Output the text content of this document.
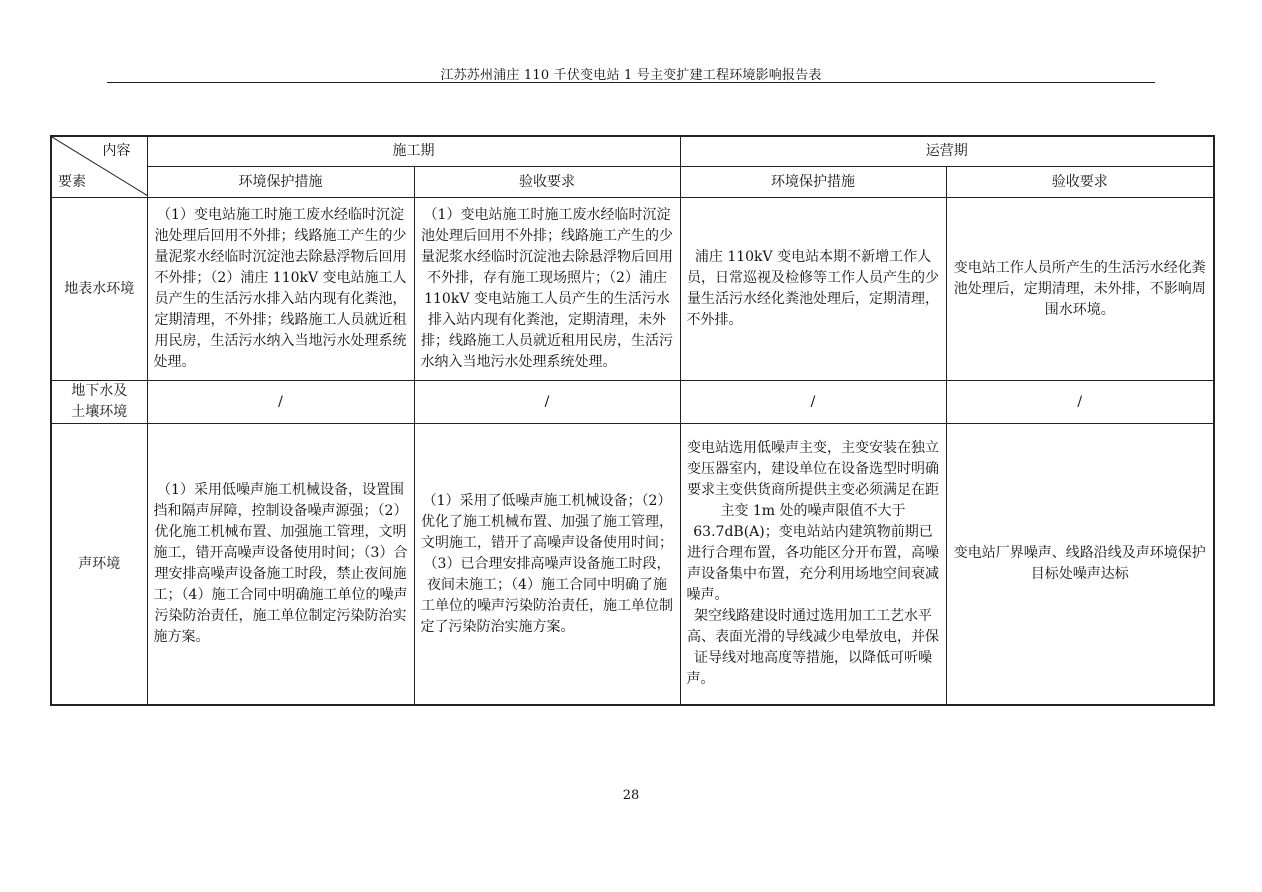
江苏苏州浦庄 110 千伏变电站 1 号主变扩建工程环境影响报告表
内容
要素	施工期		运营期	
	环境保护措施	验收要求	环境保护措施	验收要求
地表水环境	（1）变电站施工时施工废水经临时沉淀池处理后回用不外排；线路施工产生的少量泥浆水经临时沉淀池去除悬浮物后回用不外排；（2）浦庄 110kV 变电站施工人员产生的生活污水排入站内现有化粪池，定期清理，不外排；线路施工人员就近租用民房，生活污水纳入当地污水处理系统处理。	（1）变电站施工时施工废水经临时沉淀池处理后回用不外排；线路施工产生的少量泥浆水经临时沉淀池去除悬浮物后回用不外排，存有施工现场照片；（2）浦庄 110kV 变电站施工人员产生的生活污水排入站内现有化粪池，定期清理，未外排；线路施工人员就近租用民房，生活污水纳入当地污水处理系统处理。	浦庄 110kV 变电站本期不新增工作人员，日常巡视及检修等工作人员产生的少量生活污水经化粪池处理后，定期清理，不外排。	变电站工作人员所产生的生活污水经化粪池处理后，定期清理，未外排，不影响周围水环境。

地下水及
土壤环境	/	/	/	/
声环境	（1）采用低噪声施工机械设备，设置围挡和隔声屏障，控制设备噪声源强；（2）优化施工机械布置、加强施工管理，文明施工，错开高噪声设备使用时间；（3）合理安排高噪声设备施工时段，禁止夜间施工；（4）施工合同中明确施工单位的噪声污染防治责任，施工单位制定污染防治实施方案。	（1）采用了低噪声施工机械设备；（2）优化了施工机械布置、加强了施工管理，文明施工，错开了高噪声设备使用时间；（3）已合理安排高噪声设备施工时段，夜间未施工；（4）施工合同中明确了施工单位的噪声污染防治责任，施工单位制定了污染防治实施方案。	变电站选用低噪声主变，主变安装在独立变压器室内，建设单位在设备选型时明确要求主变供货商所提供主变必须满足在距主变 1m 处的噪声限值不大于 63.7dB(A)；变电站站内建筑物前期已进行合理布置，各功能区分开布置，高噪声设备集中布置，充分利用场地空间衰减噪声。
架空线路建设时通过选用加工工艺水平高、表面光滑的导线减少电晕放电，并保证导线对地高度等措施，以降低可听噪声。	变电站厂界噪声、线路沿线及声环境保护目标处噪声达标
28
